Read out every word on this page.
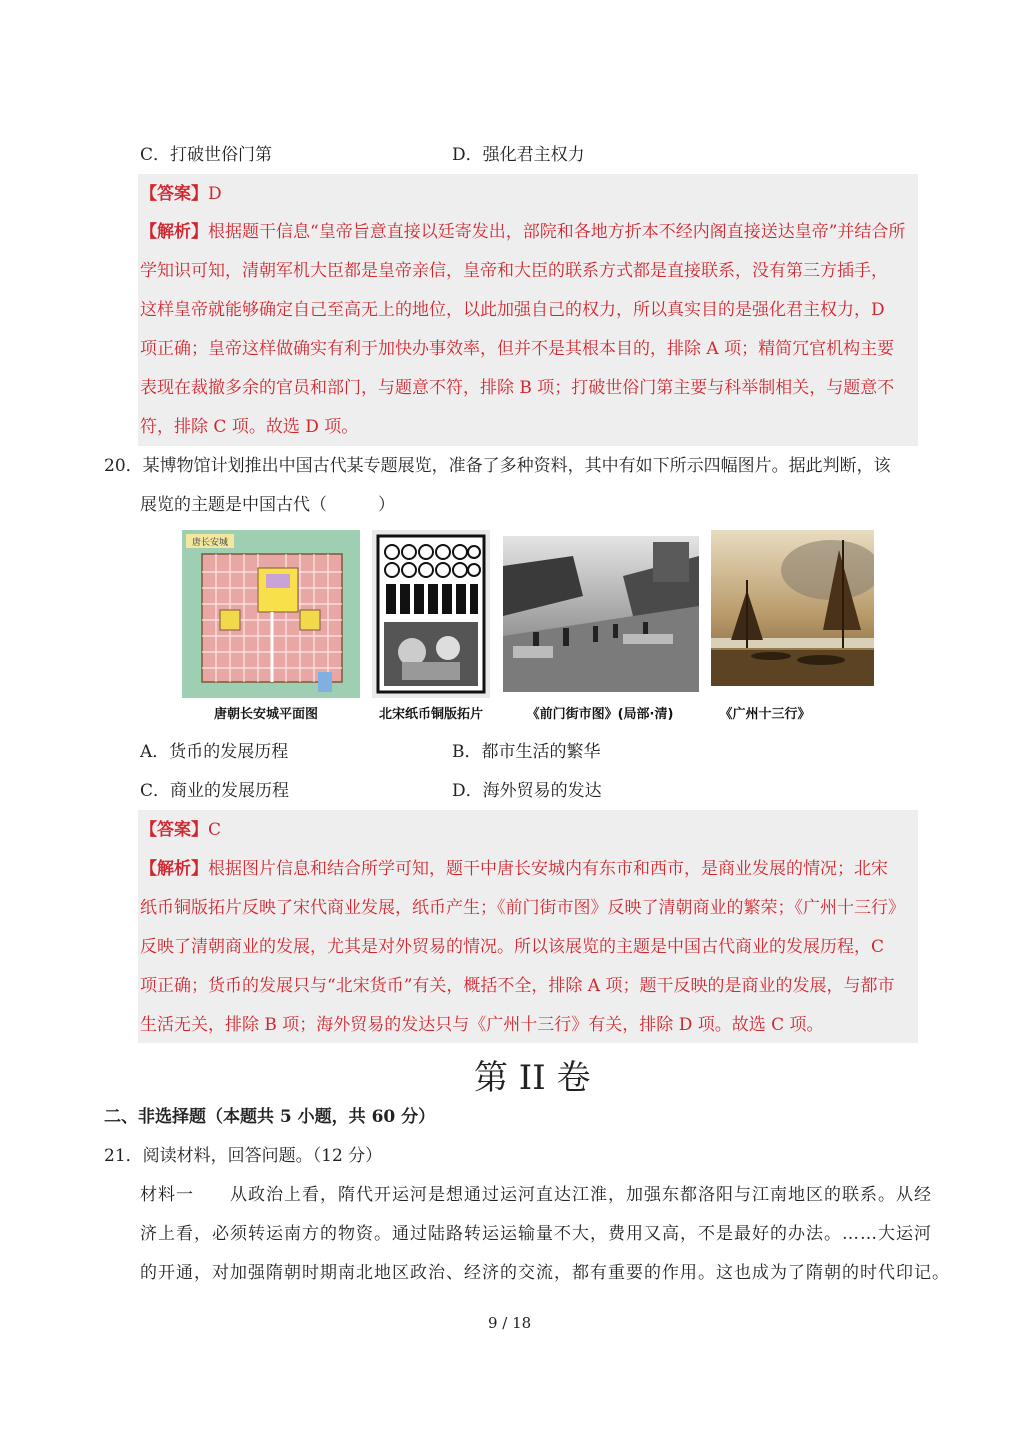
C．打破世俗门第	D．强化君主权力
【答案】D
【解析】根据题干信息“皇帝旨意直接以廷寄发出，部院和各地方折本不经内阁直接送达皇帝”并结合所
学知识可知，清朝军机大臣都是皇帝亲信，皇帝和大臣的联系方式都是直接联系，没有第三方插手，
这样皇帝就能够确定自己至高无上的地位，以此加强自己的权力，所以真实目的是强化君主权力，D
项正确；皇帝这样做确实有利于加快办事效率，但并不是其根本目的，排除 A 项；精简冗官机构主要
表现在裁撤多余的官员和部门，与题意不符，排除 B 项；打破世俗门第主要与科举制相关，与题意不
符，排除 C 项。故选 D 项。
20．某博物馆计划推出中国古代某专题展览，准备了多种资料，其中有如下所示四幅图片。据此判断，该
展览的主题是中国古代（　　　）
唐长安城
唐朝长安城平面图	北宋纸币铜版拓片	《前门街市图》(局部·清)	《广州十三行》
A．货币的发展历程	B．都市生活的繁华
C．商业的发展历程	D．海外贸易的发达
【答案】C
【解析】根据图片信息和结合所学可知，题干中唐长安城内有东市和西市，是商业发展的情况；北宋
纸币铜版拓片反映了宋代商业发展，纸币产生；《前门街市图》反映了清朝商业的繁荣；《广州十三行》
反映了清朝商业的发展，尤其是对外贸易的情况。所以该展览的主题是中国古代商业的发展历程，C
项正确；货币的发展只与“北宋货币”有关，概括不全，排除 A 项；题干反映的是商业的发展，与都市
生活无关，排除 B 项；海外贸易的发达只与《广州十三行》有关，排除 D 项。故选 C 项。
第 II 卷
二、非选择题（本题共 5 小题，共 60 分）
21．阅读材料，回答问题。（12 分）
材料一　　从政治上看，隋代开运河是想通过运河直达江淮，加强东都洛阳与江南地区的联系。从经
济上看，必须转运南方的物资。通过陆路转运运输量不大，费用又高，不是最好的办法。……大运河
的开通，对加强隋朝时期南北地区政治、经济的交流，都有重要的作用。这也成为了隋朝的时代印记。
9 / 18
